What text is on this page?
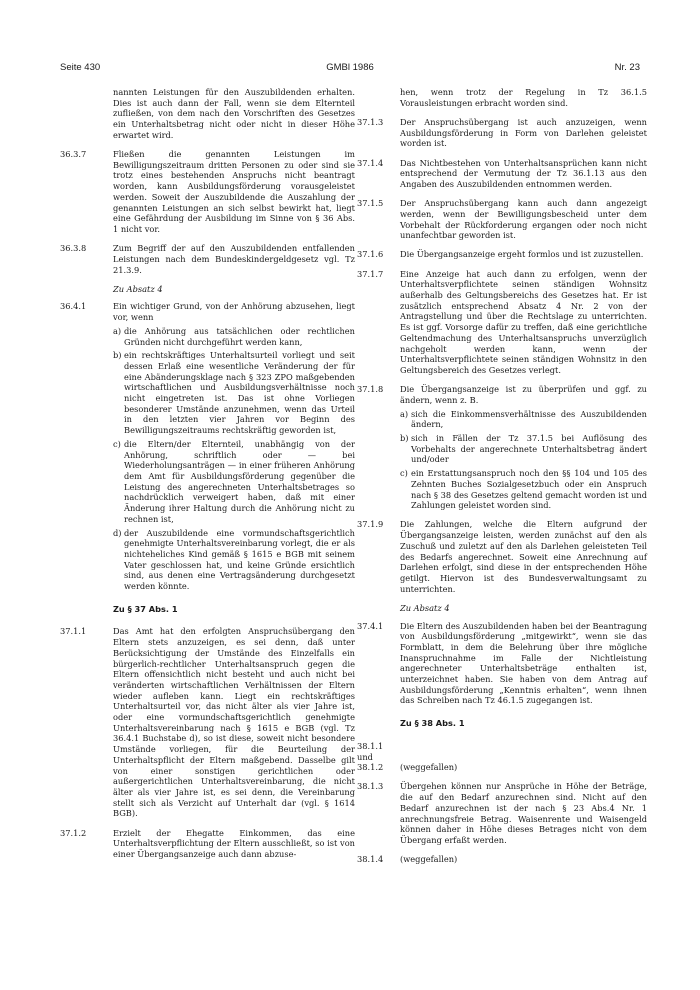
Seite 430	GMBl 1986	Nr. 23
nannten Leistungen für den Auszubildenden erhalten. Dies ist auch dann der Fall, wenn sie dem Elternteil zufließen, von dem nach den Vorschriften des Gesetzes ein Unterhaltsbetrag nicht oder nicht in dieser Höhe erwartet wird.
36.3.7	Fließen die genannten Leistungen im Bewilligungszeitraum dritten Personen zu oder sind sie trotz eines bestehenden Anspruchs nicht beantragt worden, kann Ausbildungsförderung vorausgeleistet werden. Soweit der Auszubildende die Auszahlung der genannten Leistungen an sich selbst bewirkt hat, liegt eine Gefährdung der Ausbildung im Sinne von § 36 Abs. 1 nicht vor.
36.3.8	Zum Begriff der auf den Auszubildenden entfallenden Leistungen nach dem Bundeskindergeldgesetz vgl. Tz 21.3.9.
Zu Absatz 4
36.4.1	Ein wichtiger Grund, von der Anhörung abzusehen, liegt vor, wenn

a) die Anhörung aus tatsächlichen oder rechtlichen Gründen nicht durchgeführt werden kann,
b) ein rechtskräftiges Unterhaltsurteil vorliegt und seit dessen Erlaß eine wesentliche Veränderung der für eine Abänderungsklage nach § 323 ZPO maßgebenden wirtschaftlichen und Ausbildungsverhältnisse noch nicht eingetreten ist. Das ist ohne Vorliegen besonderer Umstände anzunehmen, wenn das Urteil in den letzten vier Jahren vor Beginn des Bewilligungszeitraums rechtskräftig geworden ist,
c) die Eltern/der Elternteil, unabhängig von der Anhörung, schriftlich oder — bei Wiederholungsanträgen — in einer früheren Anhörung dem Amt für Ausbildungsförderung gegenüber die Leistung des angerechneten Unterhaltsbetrages so nachdrücklich verweigert haben, daß mit einer Änderung ihrer Haltung durch die Anhörung nicht zu rechnen ist,
d) der Auszubildende eine vormundschaftsgerichtlich genehmigte Unterhaltsvereinbarung vorlegt, die er als nichteheliches Kind gemäß § 1615 e BGB mit seinem Vater geschlossen hat, und keine Gründe ersichtlich sind, aus denen eine Vertragsänderung durchgesetzt werden könnte.
Zu § 37 Abs. 1
37.1.1	Das Amt hat den erfolgten Anspruchsübergang den Eltern stets anzuzeigen, es sei denn, daß unter Berücksichtigung der Umstände des Einzelfalls ein bürgerlich-rechtlicher Unterhaltsanspruch gegen die Eltern offensichtlich nicht besteht und auch nicht bei veränderten wirtschaftlichen Verhältnissen der Eltern wieder aufleben kann. Liegt ein rechtskräftiges Unterhaltsurteil vor, das nicht älter als vier Jahre ist, oder eine vormundschaftsgerichtlich genehmigte Unterhaltsvereinbarung nach § 1615 e BGB (vgl. Tz 36.4.1 Buchstabe d), so ist diese, soweit nicht besondere Umstände vorliegen, für die Beurteilung der Unterhaltspflicht der Eltern maßgebend. Dasselbe gilt von einer sonstigen gerichtlichen oder außergerichtlichen Unterhaltsvereinbarung, die nicht älter als vier Jahre ist, es sei denn, die Vereinbarung stellt sich als Verzicht auf Unterhalt dar (vgl. § 1614 BGB).
37.1.2	Erzielt der Ehegatte Einkommen, das eine Unterhaltsverpflichtung der Eltern ausschließt, so ist von einer Übergangsanzeige auch dann abzuse-
hen, wenn trotz der Regelung in Tz 36.1.5 Vorausleistungen erbracht worden sind.
37.1.3	Der Anspruchsübergang ist auch anzuzeigen, wenn Ausbildungsförderung in Form von Darlehen geleistet worden ist.
37.1.4	Das Nichtbestehen von Unterhaltsansprüchen kann nicht entsprechend der Vermutung der Tz 36.1.13 aus den Angaben des Auszubildenden entnommen werden.
37.1.5	Der Anspruchsübergang kann auch dann angezeigt werden, wenn der Bewilligungsbescheid unter dem Vorbehalt der Rückforderung ergangen oder noch nicht unanfechtbar geworden ist.
37.1.6	Die Übergangsanzeige ergeht formlos und ist zuzustellen.
37.1.7	Eine Anzeige hat auch dann zu erfolgen, wenn der Unterhaltsverpflichtete seinen ständigen Wohnsitz außerhalb des Geltungsbereichs des Gesetzes hat. Er ist zusätzlich entsprechend Absatz 4 Nr. 2 von der Antragstellung und über die Rechtslage zu unterrichten. Es ist ggf. Vorsorge dafür zu treffen, daß eine gerichtliche Geltendmachung des Unterhaltsanspruchs unverzüglich nachgeholt werden kann, wenn der Unterhaltsverpflichtete seinen ständigen Wohnsitz in den Geltungsbereich des Gesetzes verlegt.
37.1.8	Die Übergangsanzeige ist zu überprüfen und ggf. zu ändern, wenn z. B.

a) sich die Einkommensverhältnisse des Auszubildenden ändern,
b) sich in Fällen der Tz 37.1.5 bei Auflösung des Vorbehalts der angerechnete Unterhaltsbetrag ändert und/oder
c) ein Erstattungsanspruch noch den §§ 104 und 105 des Zehnten Buches Sozialgesetzbuch oder ein Anspruch nach § 38 des Gesetzes geltend gemacht worden ist und Zahlungen geleistet worden sind.
37.1.9	Die Zahlungen, welche die Eltern aufgrund der Übergangsanzeige leisten, werden zunächst auf den als Zuschuß und zuletzt auf den als Darlehen geleisteten Teil des Bedarfs angerechnet. Soweit eine Anrechnung auf Darlehen erfolgt, sind diese in der entsprechenden Höhe getilgt. Hiervon ist des Bundesverwaltungsamt zu unterrichten.
Zu Absatz 4
37.4.1	Die Eltern des Auszubildenden haben bei der Beantragung von Ausbildungsförderung „mitgewirkt“, wenn sie das Formblatt, in dem die Belehrung über ihre mögliche Inanspruchnahme im Falle der Nichtleistung angerechneter Unterhaltsbeträge enthalten ist, unterzeichnet haben. Sie haben von dem Antrag auf Ausbildungsförderung „Kenntnis erhalten“, wenn ihnen das Schreiben nach Tz 46.1.5 zugegangen ist.
Zu § 38 Abs. 1
38.1.1
und
38.1.2	(weggefallen)
38.1.3	Übergehen können nur Ansprüche in Höhe der Beträge, die auf den Bedarf anzurechnen sind. Nicht auf den Bedarf anzurechnen ist der nach § 23 Abs.4 Nr. 1 anrechnungsfreie Betrag. Waisenrente und Waisengeld können daher in Höhe dieses Betrages nicht von dem Übergang erfaßt werden.
38.1.4	(weggefallen)
